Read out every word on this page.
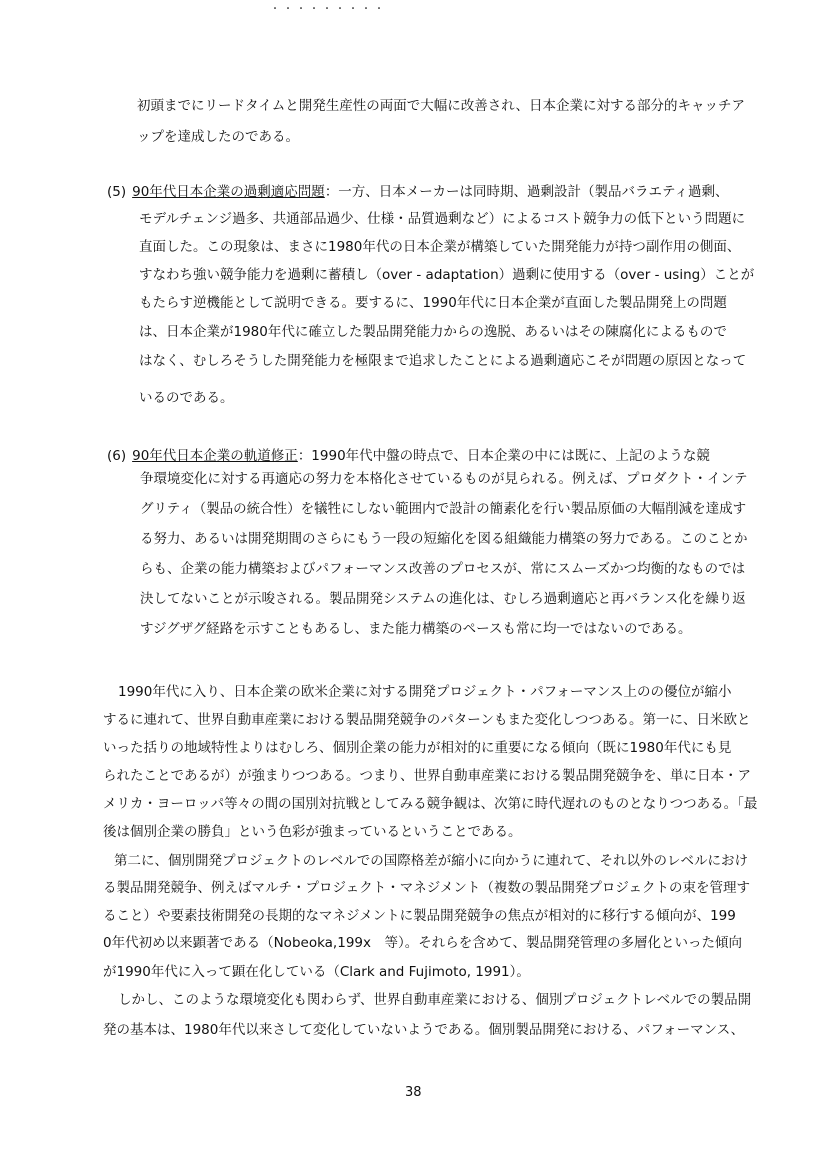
・・・・・・・・・
初頭までにリードタイムと開発生産性の両面で大幅に改善され、日本企業に対する部分的キャッチア
ップを達成したのである。
(5) 90年代日本企業の過剰適応問題：一方、日本メーカーは同時期、過剰設計（製品バラエティ過剰、
モデルチェンジ過多、共通部品過少、仕様・品質過剰など）によるコスト競争力の低下という問題に
直面した。この現象は、まさに1980年代の日本企業が構築していた開発能力が持つ副作用の側面、
すなわち強い競争能力を過剰に蓄積し（over - adaptation）過剰に使用する（over - using）ことが
もたらす逆機能として説明できる。要するに、1990年代に日本企業が直面した製品開発上の問題
は、日本企業が1980年代に確立した製品開発能力からの逸脱、あるいはその陳腐化によるもので
はなく、むしろそうした開発能力を極限まで追求したことによる過剰適応こそが問題の原因となって
いるのである。
(6) 90年代日本企業の軌道修正：1990年代中盤の時点で、日本企業の中には既に、上記のような競
争環境変化に対する再適応の努力を本格化させているものが見られる。例えば、プロダクト・インテ
グリティ（製品の統合性）を犠牲にしない範囲内で設計の簡素化を行い製品原価の大幅削減を達成す
る努力、あるいは開発期間のさらにもう一段の短縮化を図る組織能力構築の努力である。このことか
らも、企業の能力構築およびパフォーマンス改善のプロセスが、常にスムーズかつ均衡的なものでは
決してないことが示唆される。製品開発システムの進化は、むしろ過剰適応と再バランス化を繰り返
すジグザグ経路を示すこともあるし、また能力構築のペースも常に均一ではないのである。
1990年代に入り、日本企業の欧米企業に対する開発プロジェクト・パフォーマンス上のの優位が縮小
するに連れて、世界自動車産業における製品開発競争のパターンもまた変化しつつある。第一に、日米欧と
いった括りの地域特性よりはむしろ、個別企業の能力が相対的に重要になる傾向（既に1980年代にも見
られたことであるが）が強まりつつある。つまり、世界自動車産業における製品開発競争を、単に日本・ア
メリカ・ヨーロッパ等々の間の国別対抗戦としてみる競争観は、次第に時代遅れのものとなりつつある。「最
後は個別企業の勝負」という色彩が強まっているということである。
第二に、個別開発プロジェクトのレベルでの国際格差が縮小に向かうに連れて、それ以外のレベルにおけ
る製品開発競争、例えばマルチ・プロジェクト・マネジメント（複数の製品開発プロジェクトの束を管理す
ること）や要素技術開発の長期的なマネジメントに製品開発競争の焦点が相対的に移行する傾向が、199
0年代初め以来顕著である（Nobeoka,199x　等）。それらを含めて、製品開発管理の多層化といった傾向
が1990年代に入って顕在化している（Clark and Fujimoto, 1991）。
しかし、このような環境変化も関わらず、世界自動車産業における、個別プロジェクトレベルでの製品開
発の基本は、1980年代以来さして変化していないようである。個別製品開発における、パフォーマンス、
38
